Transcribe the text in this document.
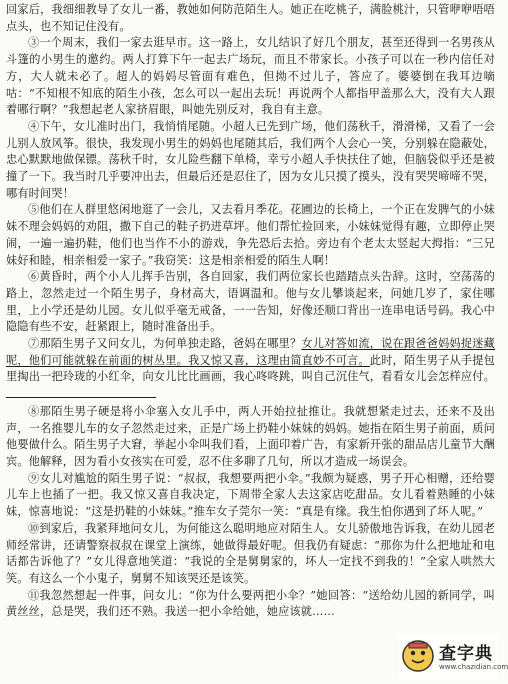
回家后，我细细教导了女儿一番，教她如何防范陌生人。她正在吃桃子，满脸桃汁，只管咿咿唔唔点头，也不知记住没有。

③一个周末，我们一家去逛早市。这一路上，女儿结识了好几个朋友，甚至还得到一名男孩从斗篷的小男生的邀约。两人打算下午一起去广场玩，而且不带家长。小孩子可以在一秒内信任对方，大人就未必了。超人的妈妈尽管面有难色，但拗不过儿子，答应了。婆婆倒在我耳边嘀咕：“不知根不知底的陌生小孩，怎么可以一起出去玩！再说两个人都指甲盖那么大，没有大人跟着哪行啊？”我想起老人家挤眉眼，叫她先别反对，我自有主意。

④下午，女儿准时出门，我悄悄尾随。小超人已先到广场，他们荡秋千，滑滑梯，又看了一会儿别人放风筝。很快，我发现小男生的妈妈也尾随其后，我们两个人会心一笑，分别躲在隐蔽处，忠心默默地做保镖。荡秋千时，女儿险些翻下单椅，幸亏小超人手快扶住了她，但脑袋似乎还是被撞了一下。我当时几乎要冲出去，但最后还是忍住了，因为女儿只摸了摸头，没有哭哭啼啼不哭，哪有时间哭！

⑤他们在人群里悠闲地逛了一会儿，又去看月季花。花圃边的长椅上，一个正在发脾气的小妹妹不理会妈妈的劝阻，撒下自己的鞋子扔进草坪。他们帮忙捡回来，小妹妹觉得有趣，立即停止哭闹，一遍一遍扔鞋，他们也当作不小的游戏，争先恐后去拾。旁边有个老太太竖起大拇指：“三兄妹好和睦，相亲相爱一家子。”我窃笑：这是相亲相爱的陌生人啊！

⑥黄昏时，两个小人儿挥手告别，各自回家，我们两位家长也踏踏点头告辞。这时，空荡荡的路上，忽然走过一个陌生男子，身材高大，语调温和。他与女儿攀谈起来，问她几岁了，家住哪里，上小学还是幼儿园。女儿似乎毫无戒备，一一告知，好像还顺口背出一连串电话号码。我心中隐隐有些不安，赶紧跟上，随时准备出手。

⑦那陌生男子又问女儿，为何单独走路，爸妈在哪里？女儿对答如流，说在跟爸爸妈妈捉迷藏呢，他们可能就躲在前面的树丛里。我又惊又喜，这理由简直妙不可言。此时，陌生男子从手提包里掏出一把玲珑的小红伞，向女儿比比画画，我心咚咚跳，叫自己沉住气，看看女儿会怎样应付。

⑧那陌生男子硬是将小伞塞入女儿手中，两人开始拉扯推让。我就想紧走过去，还来不及出声，一名推婴儿车的女子忽然走过来，正是广场上扔鞋小妹妹的妈妈。她指在陌生男子前面，质问他要做什么。陌生男子大窘，挙起小伞叫我们看，上面印着广告，有家新开张的甜品店儿童节大酬宾。他解释，因为看小女孩实在可爱，忍不住多聊了几句，所以才造成一场误会。

⑨女儿对尴尬的陌生男子说：“叔叔，我想要两把小伞。”我颇为疑惑，男子开心相赠，还给婴儿车上也插了一把。我又惊又喜自我决定，下周带全家人去这家店吃甜品。女儿看着熟睡的小妹妹，惊喜地说：“这是扔鞋的小妹妹。”推车女子莞尔一笑：“真是有缘。我生怕你遇到了坏人呢。”

⑩到家后，我紧拜地问女儿，为何能这么聪明地应对陌生人。女儿骄傲地告诉我，在幼儿园老师经常讲，还请警察叔叔在课堂上演练，她做得最好呢。但我仍有疑虑：“那你为什么把地址和电话都告诉他了？”女儿得意地笑道：“我说的全是舅舅家的，坏人一定找不到我的！”全家人哄然大笑。有这么一个小鬼子，舅舅不知该哭还是该笑。

⑪我忽然想起一件事，问女儿：“你为什么要两把小伞？”她回答：“送给幼儿园的新同学，叫黄丝丝，总是哭，我们还不熟。我送一把小伞给她，她应该就……

查字典
www.chazidian.com
